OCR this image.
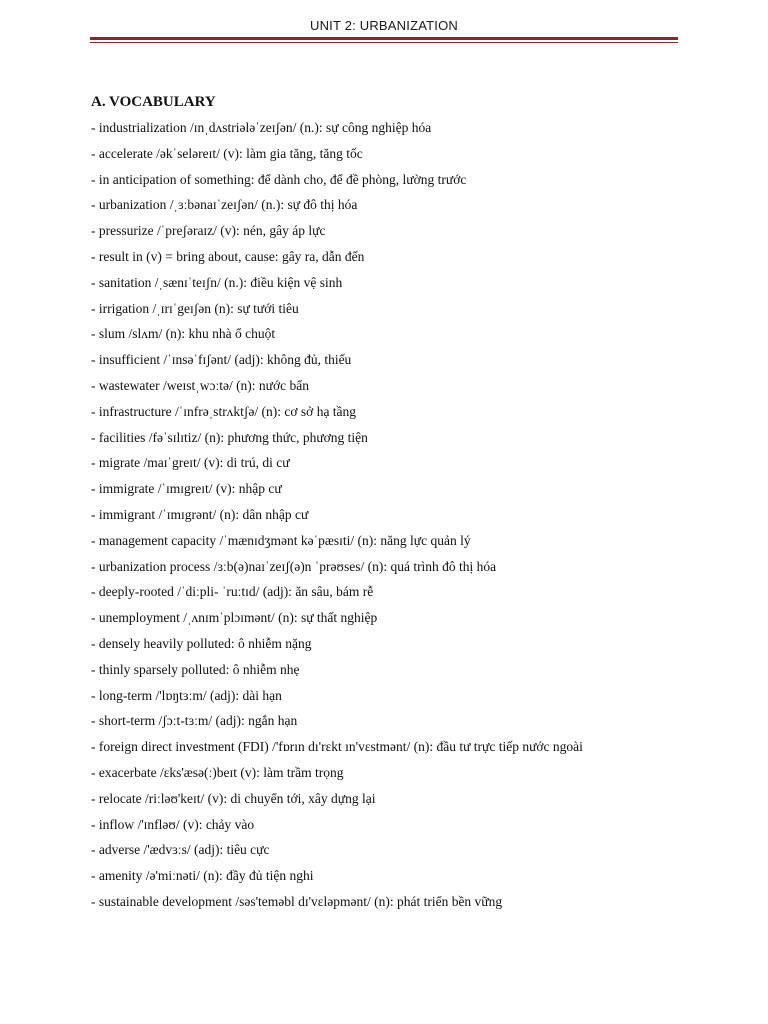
UNIT 2: URBANIZATION
A. VOCABULARY
- industrialization /ɪnˌdʌstriələˈzeɪʃən/ (n.): sự công nghiệp hóa
- accelerate /əkˈseləreɪt/ (v): làm gia tăng, tăng tốc
- in anticipation of something: để dành cho, để đề phòng, lường trước
- urbanization /ˌɜːbənaɪˈzeɪʃən/ (n.): sự đô thị hóa
- pressurize /ˈpreʃəraɪz/ (v): nén, gây áp lực
- result in (v) = bring about, cause: gây ra, dẫn đến
- sanitation /ˌsænɪˈteɪʃn/ (n.): điều kiện vệ sinh
- irrigation /ˌɪrɪˈgeɪʃən (n): sự tưới tiêu
- slum /slʌm/ (n): khu nhà ổ chuột
- insufficient /ˈɪnsəˈfɪʃənt/ (adj): không đủ, thiếu
- wastewater /weɪstˌwɔːtə/ (n): nước bẩn
- infrastructure /ˈɪnfrəˌstrʌktʃə/ (n): cơ sở hạ tầng
- facilities /fəˈsɪlɪtiz/ (n): phương thức, phương tiện
- migrate /maɪˈgreɪt/ (v): di trú, di cư
- immigrate /ˈɪmɪgreɪt/ (v): nhập cư
- immigrant /ˈɪmɪgrənt/ (n): dân nhập cư
- management capacity /ˈmænɪdʒmənt kəˈpæsɪti/ (n): năng lực quản lý
- urbanization process /ɜːb(ə)naɪˈzeɪʃ(ə)n ˈprəʊses/ (n): quá trình đô thị hóa
- deeply-rooted /ˈdiːpli- ˈruːtɪd/ (adj): ăn sâu, bám rễ
- unemployment /ˌʌnɪmˈplɔɪmənt/ (n): sự thất nghiệp
- densely heavily polluted: ô nhiễm nặng
- thinly sparsely polluted: ô nhiễm nhẹ
- long-term /'lɒŋtɜːm/ (adj): dài hạn
- short-term /ʃɔːt-tɜːm/ (adj): ngắn hạn
- foreign direct investment (FDI) /'fɒrın dı'rɛkt ın'vɛstmənt/ (n): đầu tư trực tiếp nước ngoài
- exacerbate /ɛks'æsə(ː)beɪt (v): làm trầm trọng
- relocate /riːləʊ'keɪt/ (v): di chuyển tới, xây dựng lại
- inflow /'ɪnfləʊ/ (v): chảy vào
- adverse /'ædvɜːs/ (adj): tiêu cực
- amenity /ə'miːnəti/ (n): đầy đủ tiện nghi
- sustainable development /səs'temǝbl dɪ'vɛləpmənt/ (n): phát triển bền vững
